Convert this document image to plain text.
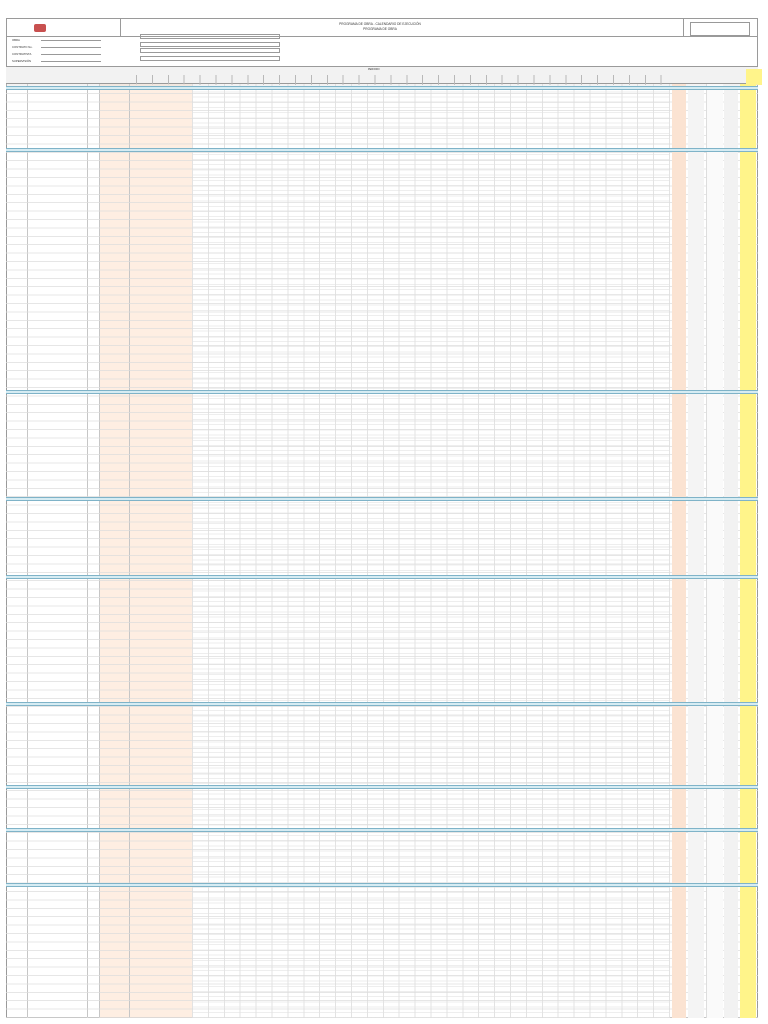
PROGRAMA DE OBRA - CALENDARIO DE EJECUCIÓN
PROGRAMA DE OBRA
OBRA
CONTRATO No.
CONTRATISTA
SUPERVISIÓN
PERIODO
